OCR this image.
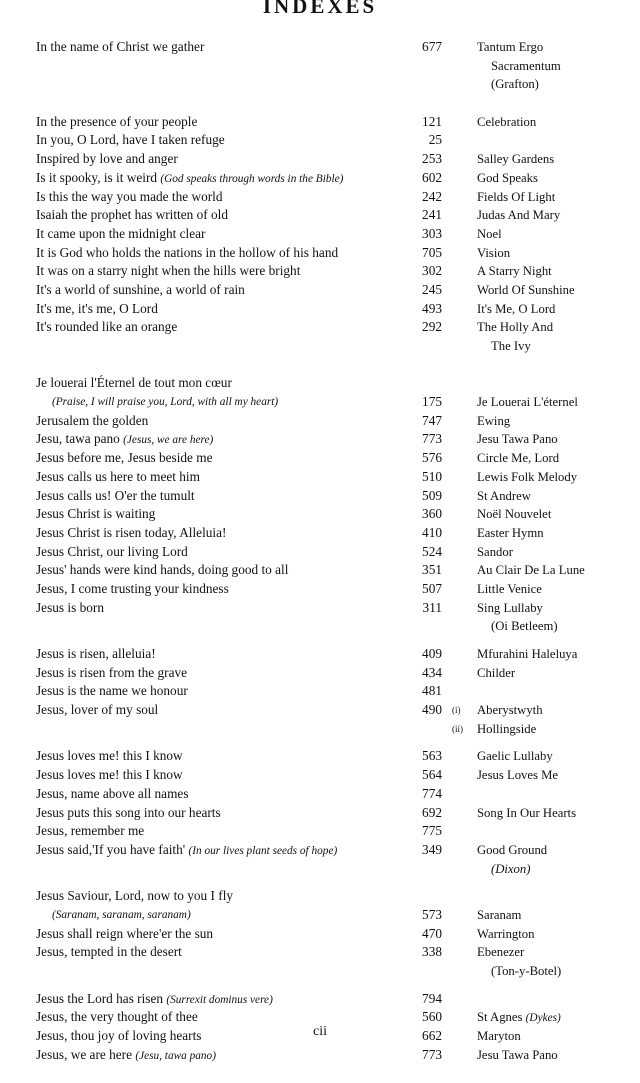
INDEXES
In the name of Christ we gather	677	Tantum Ergo
Sacramentum
(Grafton)
In the presence of your people	121	Celebration
In you, O Lord, have I taken refuge	25
Inspired by love and anger	253	Salley Gardens
Is it spooky, is it weird (God speaks through words in the Bible)	602	God Speaks
Is this the way you made the world	242	Fields Of Light
Isaiah the prophet has written of old	241	Judas And Mary
It came upon the midnight clear	303	Noel
It is God who holds the nations in the hollow of his hand	705	Vision
It was on a starry night when the hills were bright	302	A Starry Night
It's a world of sunshine, a world of rain	245	World Of Sunshine
It's me, it's me, O Lord	493	It's Me, O Lord
It's rounded like an orange	292	The Holly And
The Ivy
Je louerai l'Éternel de tout mon cœur
(Praise, I will praise you, Lord, with all my heart)	175	Je Louerai L'éternel
Jerusalem the golden	747	Ewing
Jesu, tawa pano (Jesus, we are here)	773	Jesu Tawa Pano
Jesus before me, Jesus beside me	576	Circle Me, Lord
Jesus calls us here to meet him	510	Lewis Folk Melody
Jesus calls us! O'er the tumult	509	St Andrew
Jesus Christ is waiting	360	Noël Nouvelet
Jesus Christ is risen today, Alleluia!	410	Easter Hymn
Jesus Christ, our living Lord	524	Sandor
Jesus' hands were kind hands, doing good to all	351	Au Clair De La Lune
Jesus, I come trusting your kindness	507	Little Venice
Jesus is born	311	Sing Lullaby
(Oi Betleem)
Jesus is risen, alleluia!	409	Mfurahini Haleluya
Jesus is risen from the grave	434	Childer
Jesus is the name we honour	481
Jesus, lover of my soul	490 (i) Aberystwyth
(ii) Hollingside
Jesus loves me! this I know	563	Gaelic Lullaby
Jesus loves me! this I know	564	Jesus Loves Me
Jesus, name above all names	774
Jesus puts this song into our hearts	692	Song In Our Hearts
Jesus, remember me	775
Jesus said,'If you have faith' (In our lives plant seeds of hope)	349	Good Ground
(Dixon)
Jesus Saviour, Lord, now to you I fly
(Saranam, saranam, saranam)	573	Saranam
Jesus shall reign where'er the sun	470	Warrington
Jesus, tempted in the desert	338	Ebenezer
(Ton-y-Botel)
Jesus the Lord has risen (Surrexit dominus vere)	794
Jesus, the very thought of thee	560	St Agnes (Dykes)
Jesus, thou joy of loving hearts	662	Maryton
Jesus, we are here (Jesu, tawa pano)	773	Jesu Tawa Pano
cii
